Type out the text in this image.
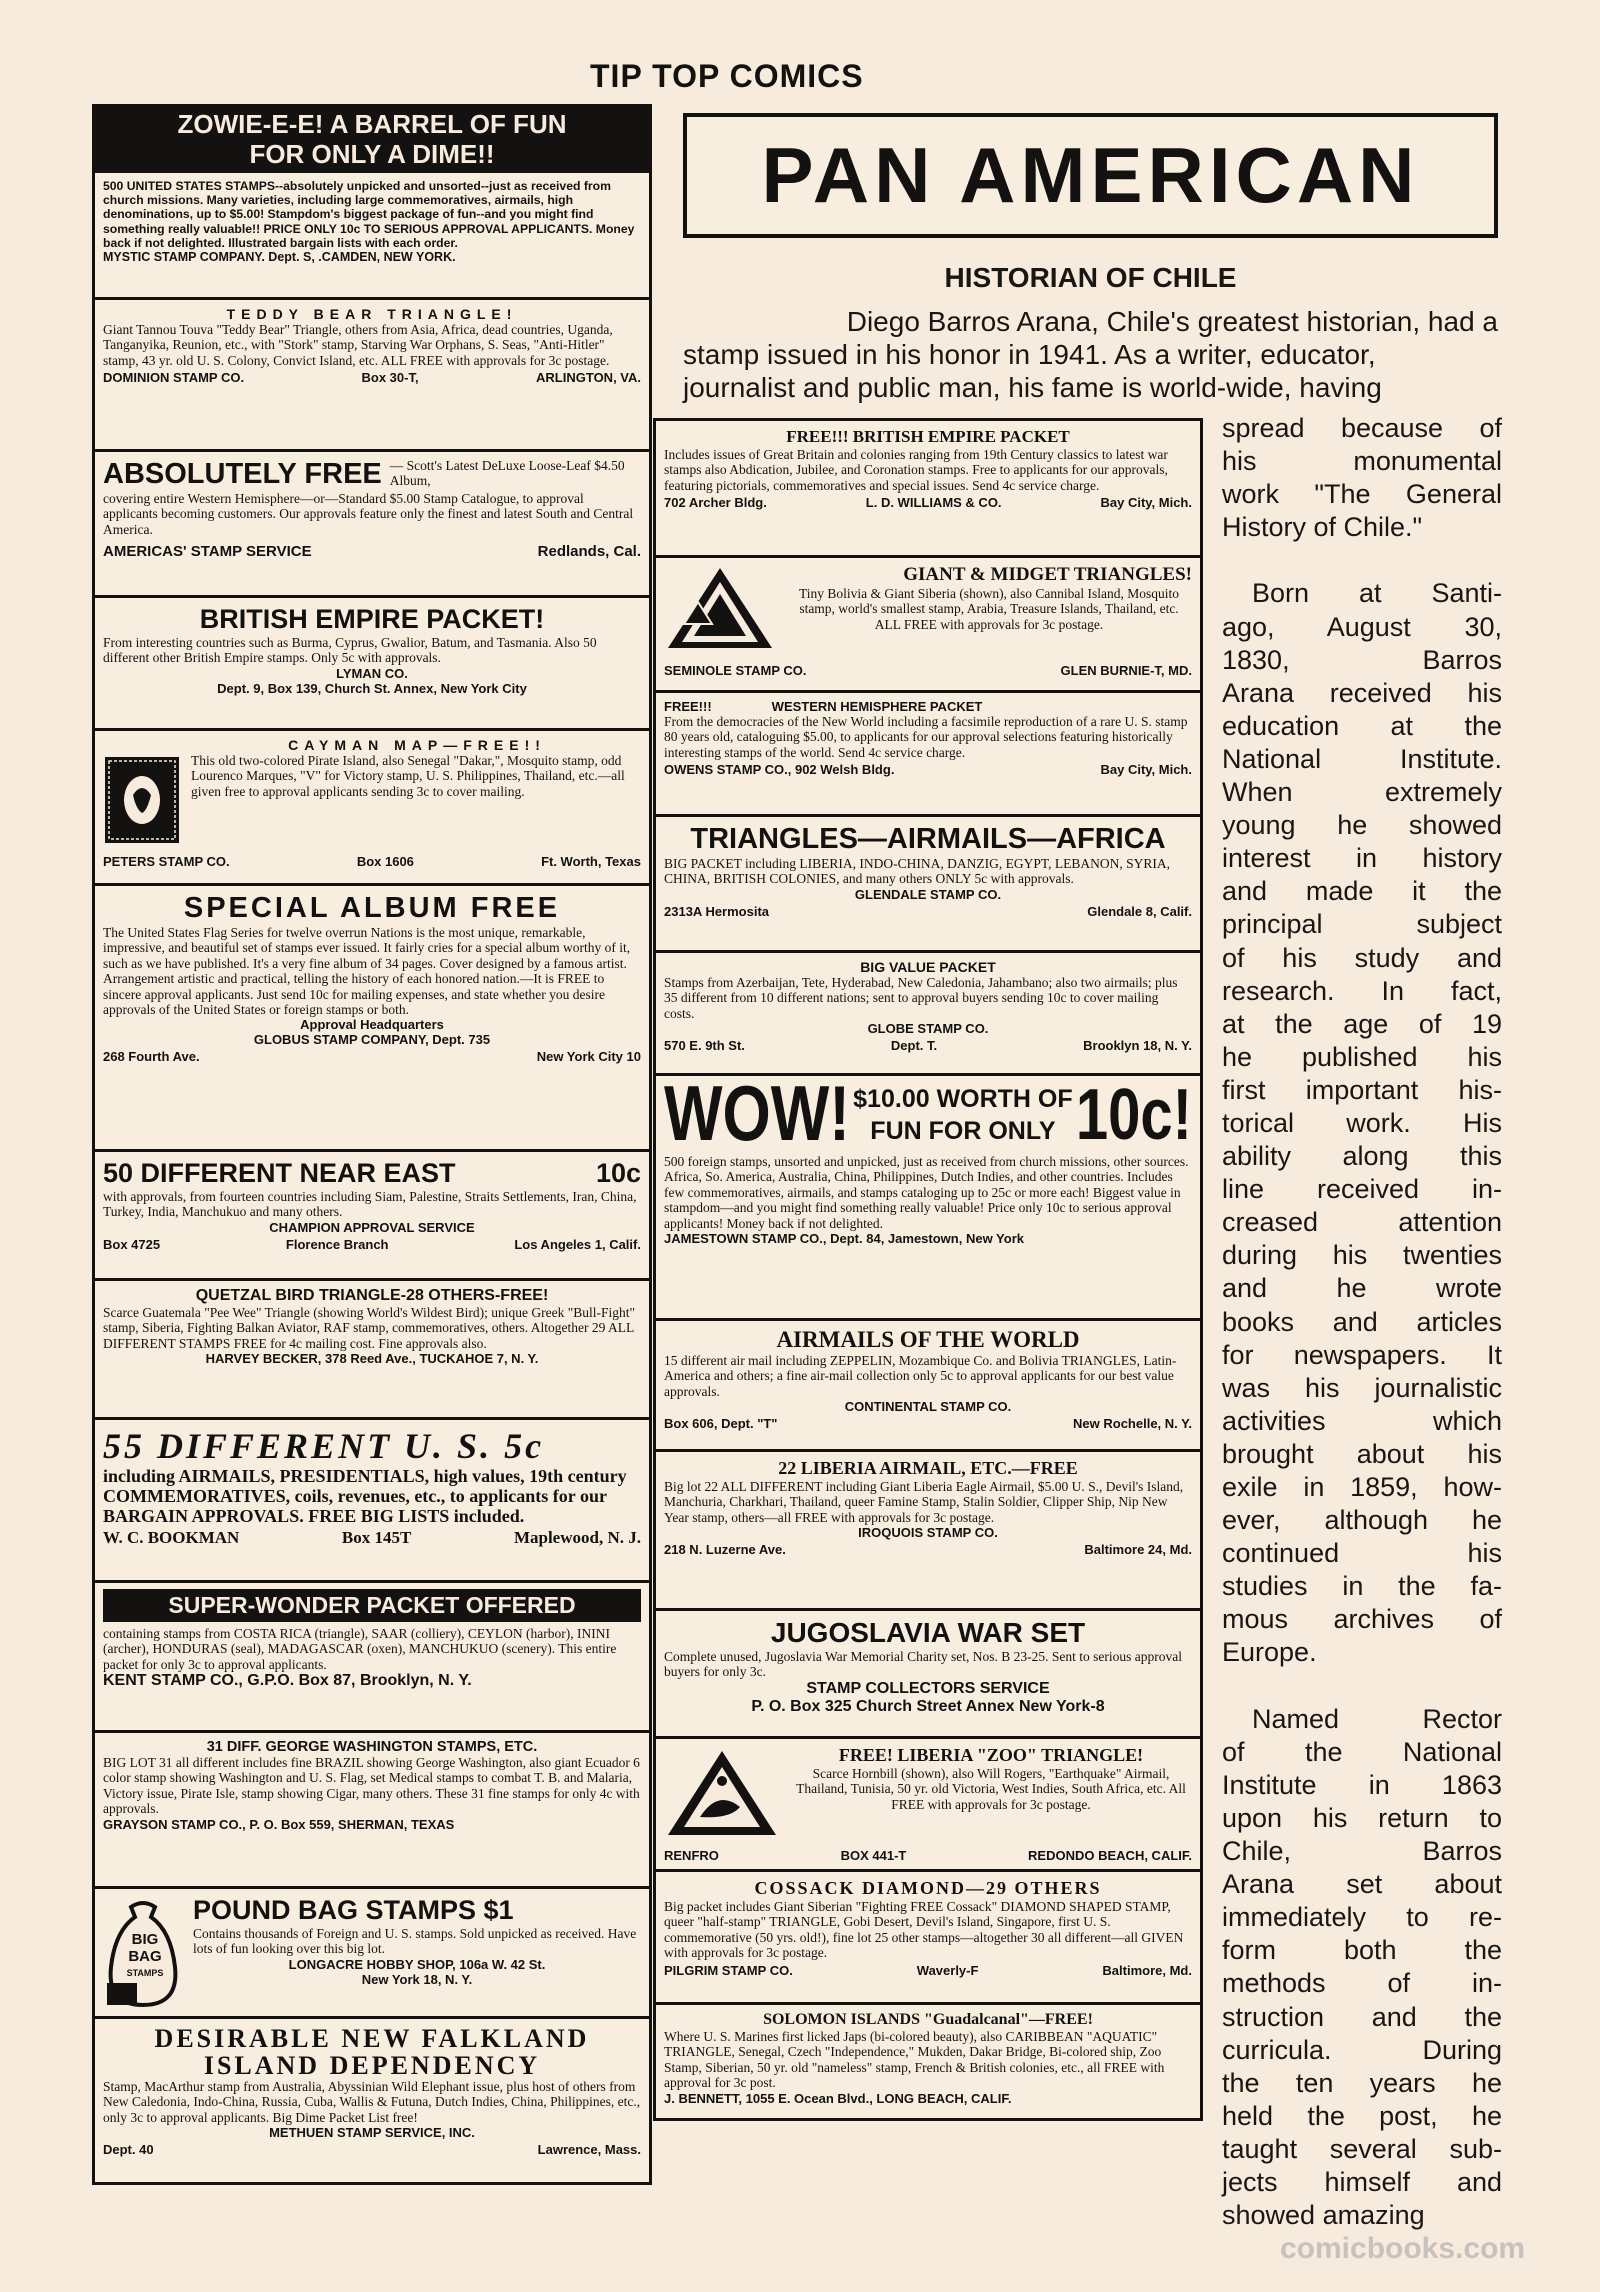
TIP TOP COMICS
ZOWIE-E-E! A BARREL OF FUN
FOR ONLY A DIME!!

500 UNITED STATES STAMPS--absolutely unpicked and unsorted--just as received from church missions. Many varieties, including large commemoratives, airmails, high denominations, up to $5.00! Stampdom's biggest package of fun--and you might find something really valuable!! PRICE ONLY 10c TO SERIOUS APPROVAL APPLICANTS. Money back if not delighted. Illustrated bargain lists with each order.

MYSTIC STAMP COMPANY. Dept. S, .CAMDEN, NEW YORK.
TEDDY BEAR TRIANGLE!

Giant Tannou Touva "Teddy Bear" Triangle, others from Asia, Africa, dead countries, Uganda, Tanganyika, Reunion, etc., with "Stork" stamp, Starving War Orphans, S. Seas, "Anti-Hitler" stamp, 43 yr. old U. S. Colony, Convict Island, etc. ALL FREE with approvals for 3c postage.

DOMINION STAMP CO.	Box 30-T,	ARLINGTON, VA.
ABSOLUTELY FREE — Scott's Latest DeLuxe Loose-Leaf $4.50 Album,

covering entire Western Hemisphere—or—Standard $5.00 Stamp Catalogue, to approval applicants becoming customers. Our approvals feature only the finest and latest South and Central America.

AMERICAS' STAMP SERVICE	Redlands, Cal.
BRITISH EMPIRE PACKET!

From interesting countries such as Burma, Cyprus, Gwalior, Batum, and Tasmania. Also 50 different other British Empire stamps. Only 5c with approvals.

LYMAN CO.
Dept. 9, Box 139, Church St. Annex, New York City
CAYMAN MAP—FREE!!

This old two-colored Pirate Island, also Senegal "Dakar,", Mosquito stamp, odd Lourenco Marques, "V" for Victory stamp, U. S. Philippines, Thailand, etc.—all given free to approval applicants sending 3c to cover mailing.

PETERS STAMP CO.	Box 1606	Ft. Worth, Texas
SPECIAL ALBUM FREE

The United States Flag Series for twelve overrun Nations is the most unique, remarkable, impressive, and beautiful set of stamps ever issued. It fairly cries for a special album worthy of it, such as we have published. It's a very fine album of 34 pages. Cover designed by a famous artist. Arrangement artistic and practical, telling the history of each honored nation.—It is FREE to sincere approval applicants. Just send 10c for mailing expenses, and state whether you desire approvals of the United States or foreign stamps or both.

Approval Headquarters
GLOBUS STAMP COMPANY, Dept. 735
268 Fourth Ave.	New York City 10
50 DIFFERENT NEAR EAST	10c

with approvals, from fourteen countries including Siam, Palestine, Straits Settlements, Iran, China, Turkey, India, Manchukuo and many others.

CHAMPION APPROVAL SERVICE
Box 4725	Florence Branch	Los Angeles 1, Calif.
QUETZAL BIRD TRIANGLE-28 OTHERS-FREE!

Scarce Guatemala "Pee Wee" Triangle (showing World's Wildest Bird); unique Greek "Bull-Fight" stamp, Siberia, Fighting Balkan Aviator, RAF stamp, commemoratives, others. Altogether 29 ALL DIFFERENT STAMPS FREE for 4c mailing cost. Fine approvals also.

HARVEY BECKER, 378 Reed Ave., TUCKAHOE 7, N. Y.
55 DIFFERENT U. S. 5c

including AIRMAILS, PRESIDENTIALS, high values, 19th century COMMEMORATIVES, coils, revenues, etc., to applicants for our BARGAIN APPROVALS. FREE BIG LISTS included.

W. C. BOOKMAN	Box 145T	Maplewood, N. J.
SUPER-WONDER PACKET OFFERED

containing stamps from COSTA RICA (triangle), SAAR (colliery), CEYLON (harbor), ININI (archer), HONDURAS (seal), MADAGASCAR (oxen), MANCHUKUO (scenery). This entire packet for only 3c to approval applicants.

KENT STAMP CO., G.P.O. Box 87, Brooklyn, N. Y.
31 DIFF. GEORGE WASHINGTON STAMPS, ETC.

BIG LOT 31 all different includes fine BRAZIL showing George Washington, also giant Ecuador 6 color stamp showing Washington and U. S. Flag, set Medical stamps to combat T. B. and Malaria, Victory issue, Pirate Isle, stamp showing Cigar, many others. These 31 fine stamps for only 4c with approvals.

GRAYSON STAMP CO., P. O. Box 559, SHERMAN, TEXAS
BIG
BAG
STAMPS
POUND BAG STAMPS $1

Contains thousands of Foreign and U. S. stamps. Sold unpicked as received. Have lots of fun looking over this big lot.

LONGACRE HOBBY SHOP, 106a W. 42 St.
New York 18, N. Y.
DESIRABLE NEW FALKLAND
ISLAND DEPENDENCY

Stamp, MacArthur stamp from Australia, Abyssinian Wild Elephant issue, plus host of others from New Caledonia, Indo-China, Russia, Cuba, Wallis & Futuna, Dutch Indies, China, Philippines, etc., only 3c to approval applicants. Big Dime Packet List free!

METHUEN STAMP SERVICE, INC.
Dept. 40	Lawrence, Mass.
PAN AMERICAN
HISTORIAN OF CHILE
Diego Barros Arana, Chile's greatest historian, had a
stamp issued in his honor in 1941. As a writer, educator,
journalist and public man, his fame is world-wide, having
FREE!!! BRITISH EMPIRE PACKET

Includes issues of Great Britain and colonies ranging from 19th Century classics to latest war stamps also Abdication, Jubilee, and Coronation stamps. Free to applicants for our approvals, featuring pictorials, commemoratives and special issues. Send 4c service charge.

702 Archer Bldg.	L. D. WILLIAMS & CO.	Bay City, Mich.
GIANT & MIDGET TRIANGLES!

Tiny Bolivia & Giant Siberia (shown), also Cannibal Island, Mosquito stamp, world's smallest stamp, Arabia, Treasure Islands, Thailand, etc. ALL FREE with approvals for 3c postage.

SEMINOLE STAMP CO.	GLEN BURNIE-T, MD.
FREE!!!	WESTERN HEMISPHERE PACKET

From the democracies of the New World including a facsimile reproduction of a rare U. S. stamp 80 years old, cataloguing $5.00, to applicants for our approval selections featuring historically interesting stamps of the world. Send 4c service charge.

OWENS STAMP CO., 902 Welsh Bldg.	Bay City, Mich.
TRIANGLES—AIRMAILS—AFRICA

BIG PACKET including LIBERIA, INDO-CHINA, DANZIG, EGYPT, LEBANON, SYRIA, CHINA, BRITISH COLONIES, and many others ONLY 5c with approvals.

GLENDALE STAMP CO.
2313A Hermosita	Glendale 8, Calif.
BIG VALUE PACKET

Stamps from Azerbaijan, Tete, Hyderabad, New Caledonia, Jahambano; also two airmails; plus 35 different from 10 different nations; sent to approval buyers sending 10c to cover mailing costs.

GLOBE STAMP CO.
570 E. 9th St.	Dept. T.	Brooklyn 18, N. Y.
WOW! $10.00 WORTH OF
FUN FOR ONLY 10c!

500 foreign stamps, unsorted and unpicked, just as received from church missions, other sources. Africa, So. America, Australia, China, Philippines, Dutch Indies, and other countries. Includes few commemoratives, airmails, and stamps cataloging up to 25c or more each! Biggest value in stampdom—and you might find something really valuable! Price only 10c to serious approval applicants! Money back if not delighted.

JAMESTOWN STAMP CO., Dept. 84, Jamestown, New York
AIRMAILS OF THE WORLD

15 different air mail including ZEPPELIN, Mozambique Co. and Bolivia TRIANGLES, Latin-America and others; a fine air-mail collection only 5c to approval applicants for our best value approvals.

CONTINENTAL STAMP CO.
Box 606, Dept. "T"	New Rochelle, N. Y.
22 LIBERIA AIRMAIL, ETC.—FREE

Big lot 22 ALL DIFFERENT including Giant Liberia Eagle Airmail, $5.00 U. S., Devil's Island, Manchuria, Charkhari, Thailand, queer Famine Stamp, Stalin Soldier, Clipper Ship, Nip New Year stamp, others—all FREE with approvals for 3c postage.

IROQUOIS STAMP CO.
218 N. Luzerne Ave.	Baltimore 24, Md.
JUGOSLAVIA WAR SET

Complete unused, Jugoslavia War Memorial Charity set, Nos. B 23-25. Sent to serious approval buyers for only 3c.

STAMP COLLECTORS SERVICE
P. O. Box 325 Church Street Annex New York-8
FREE! LIBERIA "ZOO" TRIANGLE!

Scarce Hornbill (shown), also Will Rogers, "Earthquake" Airmail, Thailand, Tunisia, 50 yr. old Victoria, West Indies, South Africa, etc. All FREE with approvals for 3c postage.

RENFRO	BOX 441-T	REDONDO BEACH, CALIF.
COSSACK DIAMOND—29 OTHERS

Big packet includes Giant Siberian "Fighting FREE Cossack" DIAMOND SHAPED STAMP, queer "half-stamp" TRIANGLE, Gobi Desert, Devil's Island, Singapore, first U. S. commemorative (50 yrs. old!), fine lot 25 other stamps—altogether 30 all different—all GIVEN with approvals for 3c postage.

PILGRIM STAMP CO.	Waverly-F	Baltimore, Md.
SOLOMON ISLANDS "Guadalcanal"—FREE!

Where U. S. Marines first licked Japs (bi-colored beauty), also CARIBBEAN "AQUATIC" TRIANGLE, Senegal, Czech "Independence," Mukden, Dakar Bridge, Bi-colored ship, Zoo Stamp, Siberian, 50 yr. old "nameless" stamp, French & British colonies, etc., all FREE with approval for 3c post.

J. BENNETT, 1055 E. Ocean Blvd., LONG BEACH, CALIF.
spread because of
his monumental
work "The General
History of Chile."
Born at Santi-
ago, August 30,
1830, Barros
Arana received his
education at the
National Institute.
When extremely
young he showed
interest in history
and made it the
principal subject
of his study and
research. In fact,
at the age of 19
he published his
first important his-
torical work. His
ability along this
line received in-
creased attention
during his twenties
and he wrote
books and articles
for newspapers. It
was his journalistic
activities which
brought about his
exile in 1859, how-
ever, although he
continued his
studies in the fa-
mous archives of
Europe.
Named Rector
of the National
Institute in 1863
upon his return to
Chile, Barros
Arana set about
immediately to re-
form both the
methods of in-
struction and the
curricula. During
the ten years he
held the post, he
taught several sub-
jects himself and
showed amazing
comicbooks.com
